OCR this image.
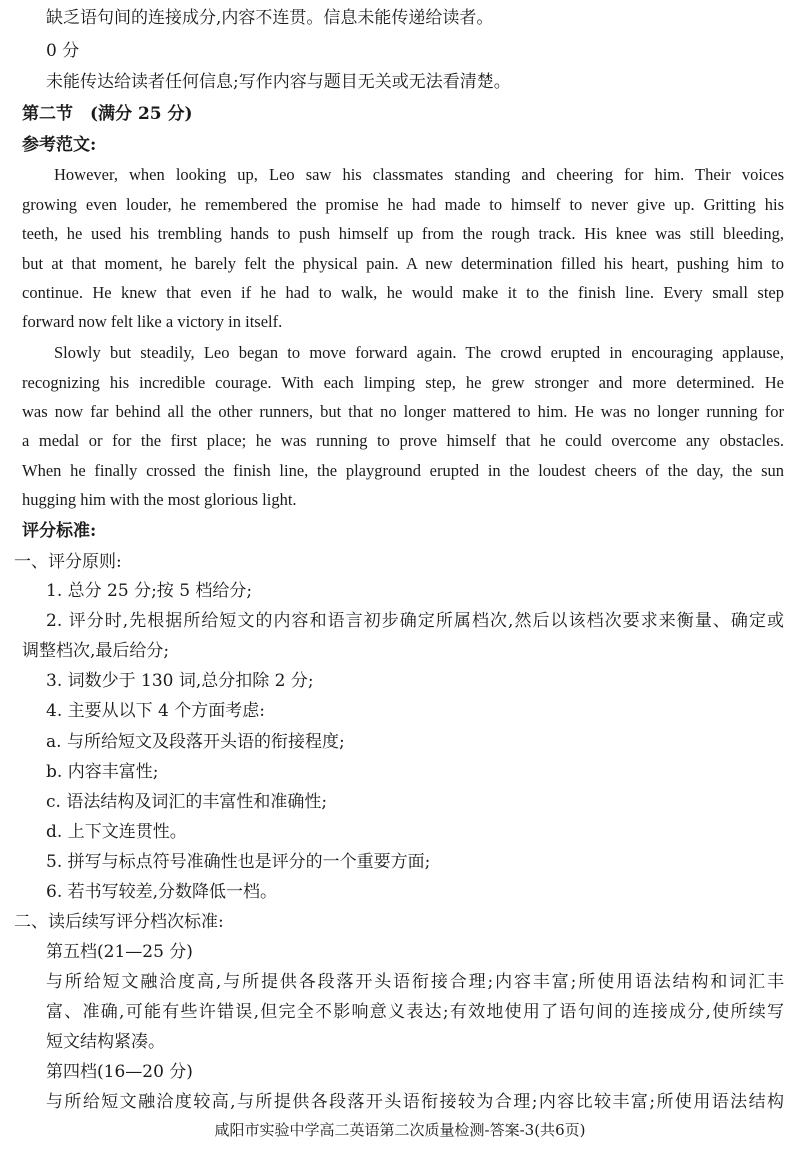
缺乏语句间的连接成分,内容不连贯。信息未能传递给读者。
0 分
未能传达给读者任何信息;写作内容与题目无关或无法看清楚。
第二节　(满分 25 分)
参考范文:
However, when looking up, Leo saw his classmates standing and cheering for him. Their voices
growing even louder, he remembered the promise he had made to himself to never give up. Gritting his
teeth, he used his trembling hands to push himself up from the rough track. His knee was still bleeding,
but at that moment, he barely felt the physical pain. A new determination filled his heart, pushing him to
continue. He knew that even if he had to walk, he would make it to the finish line. Every small step
forward now felt like a victory in itself.
Slowly but steadily, Leo began to move forward again. The crowd erupted in encouraging applause,
recognizing his incredible courage. With each limping step, he grew stronger and more determined. He
was now far behind all the other runners, but that no longer mattered to him. He was no longer running for
a medal or for the first place; he was running to prove himself that he could overcome any obstacles.
When he finally crossed the finish line, the playground erupted in the loudest cheers of the day, the sun
hugging him with the most glorious light.
评分标准:
一、评分原则:
1. 总分 25 分;按 5 档给分;
2. 评分时,先根据所给短文的内容和语言初步确定所属档次,然后以该档次要求来衡量、确定或
调整档次,最后给分;
3. 词数少于 130 词,总分扣除 2 分;
4. 主要从以下 4 个方面考虑:
a. 与所给短文及段落开头语的衔接程度;
b. 内容丰富性;
c. 语法结构及词汇的丰富性和准确性;
d. 上下文连贯性。
5. 拼写与标点符号准确性也是评分的一个重要方面;
6. 若书写较差,分数降低一档。
二、读后续写评分档次标准:
第五档(21—25 分)
与所给短文融洽度高,与所提供各段落开头语衔接合理;内容丰富;所使用语法结构和词汇丰
富、准确,可能有些许错误,但完全不影响意义表达;有效地使用了语句间的连接成分,使所续写
短文结构紧凑。
第四档(16—20 分)
与所给短文融洽度较高,与所提供各段落开头语衔接较为合理;内容比较丰富;所使用语法结构
咸阳市实验中学高二英语第二次质量检测-答案-3(共6页)
